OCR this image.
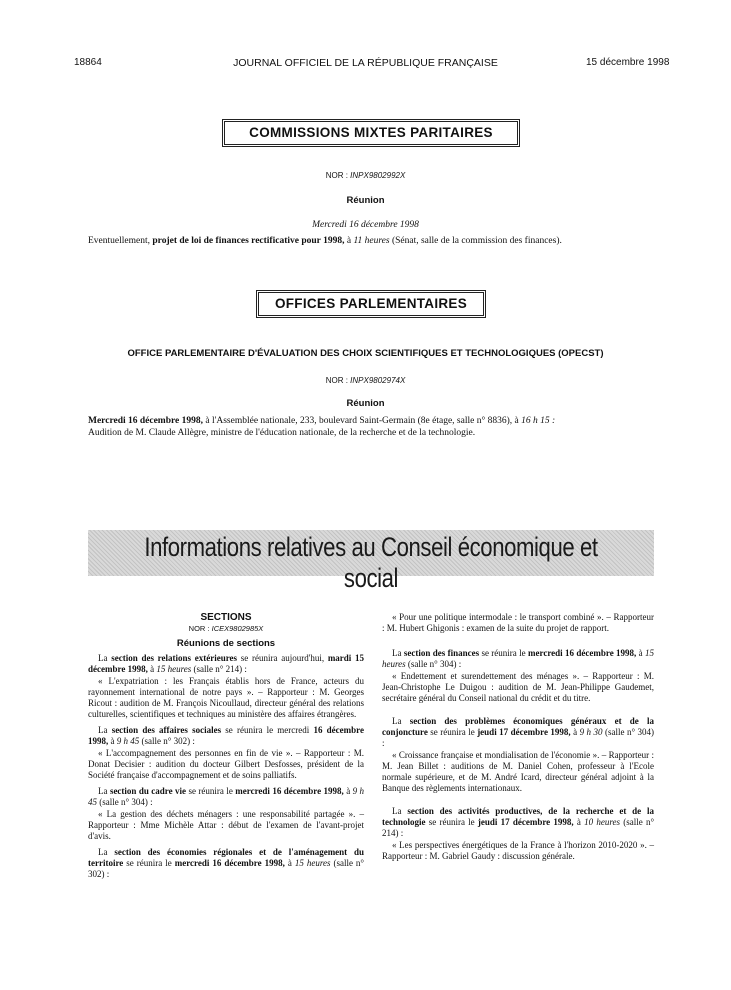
18864	JOURNAL OFFICIEL DE LA RÉPUBLIQUE FRANÇAISE	15 décembre 1998
COMMISSIONS MIXTES PARITAIRES
NOR : INPX9802992X
Réunion
Mercredi 16 décembre 1998
Eventuellement, projet de loi de finances rectificative pour 1998, à 11 heures (Sénat, salle de la commission des finances).
OFFICES PARLEMENTAIRES
OFFICE PARLEMENTAIRE D'ÉVALUATION DES CHOIX SCIENTIFIQUES ET TECHNOLOGIQUES (OPECST)
NOR : INPX9802974X
Réunion
Mercredi 16 décembre 1998, à l'Assemblée nationale, 233, boulevard Saint-Germain (8e étage, salle n° 8836), à 16 h 15 :
Audition de M. Claude Allègre, ministre de l'éducation nationale, de la recherche et de la technologie.
Informations relatives au Conseil économique et social
SECTIONS
NOR : ICEX9802985X
Réunions de sections

La section des relations extérieures se réunira aujourd'hui, mardi 15 décembre 1998, à 15 heures (salle n° 214) :

« L'expatriation : les Français établis hors de France, acteurs du rayonnement international de notre pays ». – Rapporteur : M. Georges Ricout : audition de M. François Nicoullaud, directeur général des relations culturelles, scientifiques et techniques au ministère des affaires étrangères.

La section des affaires sociales se réunira le mercredi 16 décembre 1998, à 9 h 45 (salle n° 302) :

« L'accompagnement des personnes en fin de vie ». – Rapporteur : M. Donat Decisier : audition du docteur Gilbert Desfosses, président de la Société française d'accompagnement et de soins palliatifs.

La section du cadre vie se réunira le mercredi 16 décembre 1998, à 9 h 45 (salle n° 304) :

« La gestion des déchets ménagers : une responsabilité partagée ». – Rapporteur : Mme Michèle Attar : début de l'examen de l'avant-projet d'avis.

La section des économies régionales et de l'aménagement du territoire se réunira le mercredi 16 décembre 1998, à 15 heures (salle n° 302) :

« Pour une politique intermodale : le transport combiné ». – Rapporteur : M. Hubert Ghigonis : examen de la suite du projet de rapport.

La section des finances se réunira le mercredi 16 décembre 1998, à 15 heures (salle n° 304) :

« Endettement et surendettement des ménages ». – Rapporteur : M. Jean-Christophe Le Duigou : audition de M. Jean-Philippe Gaudemet, secrétaire général du Conseil national du crédit et du titre.

La section des problèmes économiques généraux et de la conjoncture se réunira le jeudi 17 décembre 1998, à 9 h 30 (salle n° 304) :

« Croissance française et mondialisation de l'économie ». – Rapporteur : M. Jean Billet : auditions de M. Daniel Cohen, professeur à l'Ecole normale supérieure, et de M. André Icard, directeur général adjoint à la Banque des règlements internationaux.

La section des activités productives, de la recherche et de la technologie se réunira le jeudi 17 décembre 1998, à 10 heures (salle n° 214) :

« Les perspectives énergétiques de la France à l'horizon 2010-2020 ». – Rapporteur : M. Gabriel Gaudy : discussion générale.
